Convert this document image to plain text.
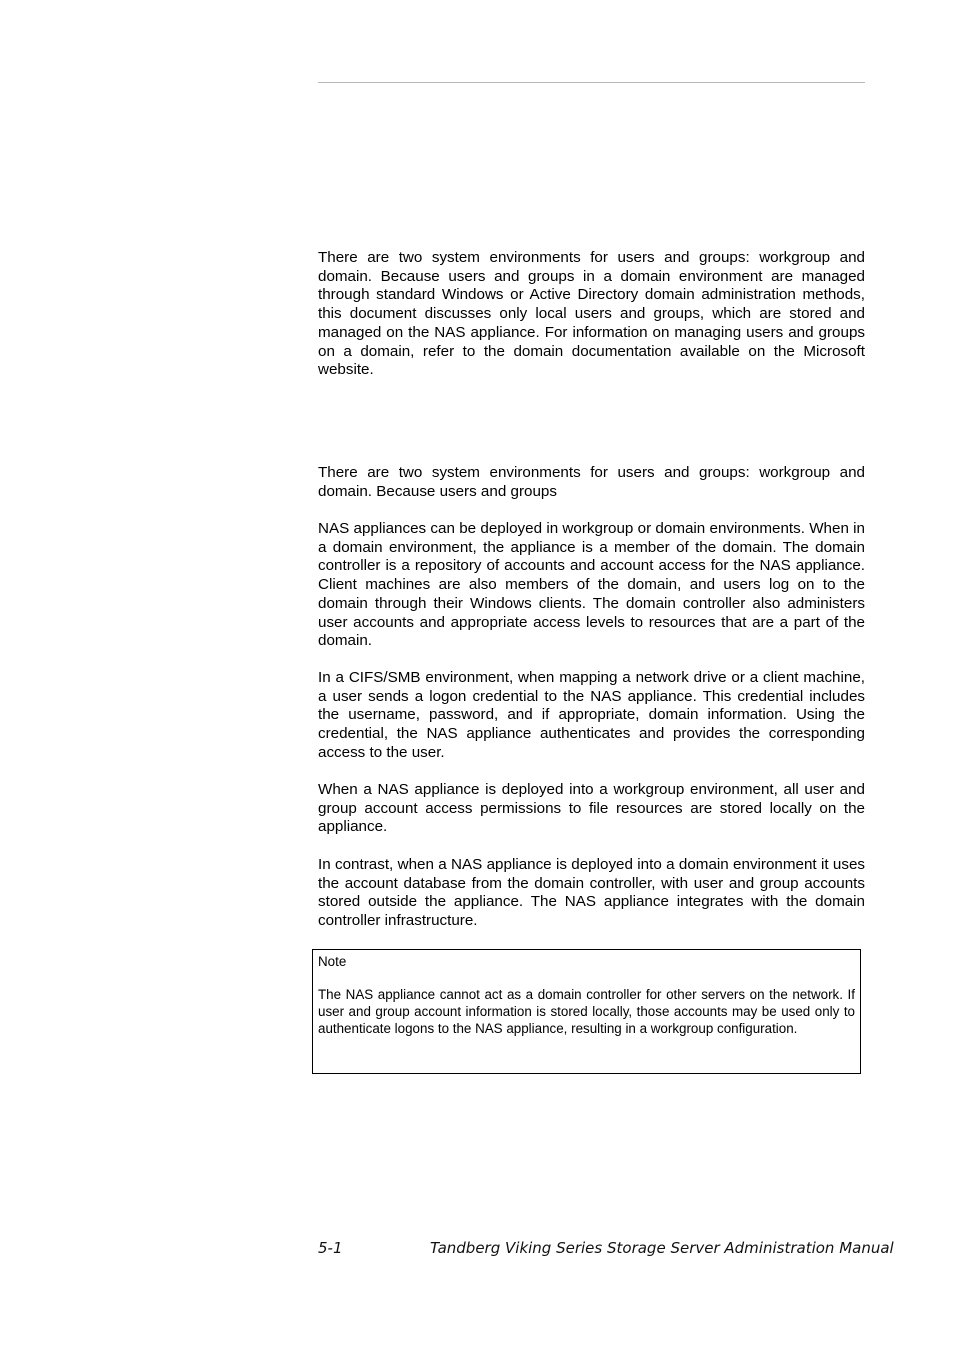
There are two system environments for users and groups: workgroup and domain. Because users and groups in a domain environment are managed through standard Windows or Active Directory domain administration methods, this document discusses only local users and groups, which are stored and managed on the NAS appliance. For information on managing users and groups on a domain, refer to the domain documentation available on the Microsoft website.

There are two system environments for users and groups: workgroup and domain. Because users and groups

NAS appliances can be deployed in workgroup or domain environments. When in a domain environment, the appliance is a member of the domain. The domain controller is a repository of accounts and account access for the NAS appliance. Client machines are also members of the domain, and users log on to the domain through their Windows clients. The domain controller also administers user accounts and appropriate access levels to resources that are a part of the domain.

In a CIFS/SMB environment, when mapping a network drive or a client machine, a user sends a logon credential to the NAS appliance. This credential includes the username, password, and if appropriate, domain information. Using the credential, the NAS appliance authenticates and provides the corresponding access to the user.

When a NAS appliance is deployed into a workgroup environment, all user and group account access permissions to file resources are stored locally on the appliance.

In contrast, when a NAS appliance is deployed into a domain environment it uses the account database from the domain controller, with user and group accounts stored outside the appliance. The NAS appliance integrates with the domain controller infrastructure.

Note

The NAS appliance cannot act as a domain controller for other servers on the network. If user and group account information is stored locally, those accounts may be used only to authenticate logons to the NAS appliance, resulting in a workgroup configuration.

5-1	Tandberg Viking Series Storage Server Administration Manual
